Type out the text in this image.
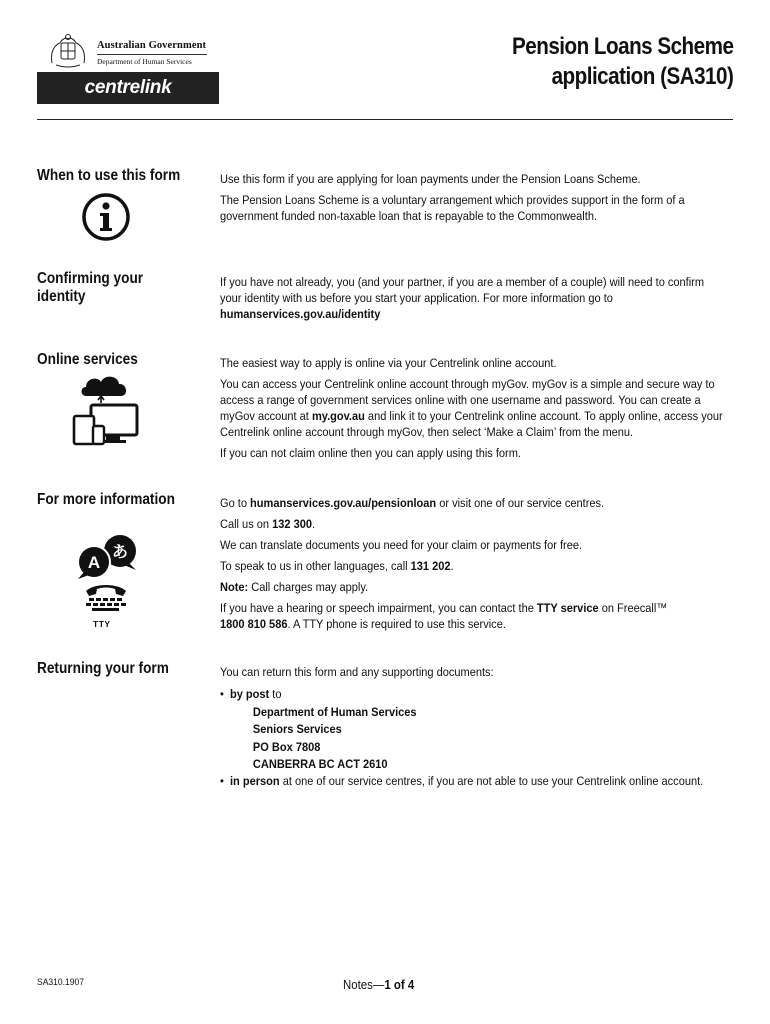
Australian Government
Department of Human Services
centrelink
Pension Loans Scheme
application (SA310)
When to use this form	Use this form if you are applying for loan payments under the Pension Loans Scheme.

The Pension Loans Scheme is a voluntary arrangement which provides support in the form of a government funded non-taxable loan that is repayable to the Commonwealth.

Confirming your identity

If you have not already, you (and your partner, if you are a member of a couple) will need to confirm your identity with us before you start your application. For more information go to humanservices.gov.au/identity

Online services	The easiest way to apply is online via your Centrelink online account.

You can access your Centrelink online account through myGov. myGov is a simple and secure way to access a range of government services online with one username and password. You can create a myGov account at my.gov.au and link it to your Centrelink online account. To apply online, access your Centrelink online account through myGov, then select ‘Make a Claim’ from the menu.

If you can not claim online then you can apply using this form.

For more information
A
あ
TTY

Go to humanservices.gov.au/pensionloan or visit one of our service centres.

Call us on 132 300.

We can translate documents you need for your claim or payments for free.

To speak to us in other languages, call 131 202.

Note: Call charges may apply.

If you have a hearing or speech impairment, you can contact the TTY service on Freecall™
1800 810 586. A TTY phone is required to use this service.

Returning your form	You can return this form and any supporting documents:

•  by post to

Department of Human Services

Seniors Services

PO Box 7808

CANBERRA BC ACT 2610

•  in person at one of our service centres, if you are not able to use your Centrelink online account.

SA310.1907	Notes—1 of 4
